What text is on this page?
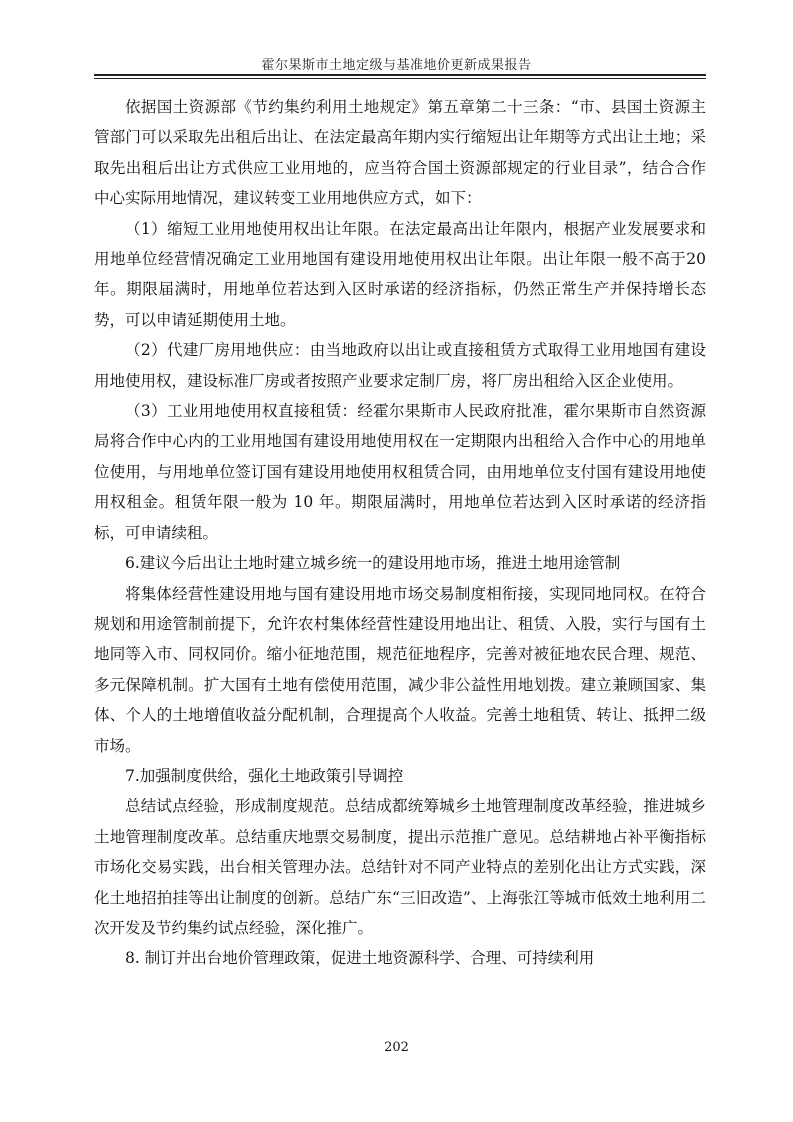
霍尔果斯市土地定级与基准地价更新成果报告

依据国土资源部《节约集约利用土地规定》第五章第二十三条：“市、县国土资源主管部门可以采取先出租后出让、在法定最高年期内实行缩短出让年期等方式出让土地；采取先出租后出让方式供应工业用地的，应当符合国土资源部规定的行业目录”，结合合作中心实际用地情况，建议转变工业用地供应方式，如下：

（1）缩短工业用地使用权出让年限。在法定最高出让年限内，根据产业发展要求和用地单位经营情况确定工业用地国有建设用地使用权出让年限。出让年限一般不高于20年。期限届满时，用地单位若达到入区时承诺的经济指标，仍然正常生产并保持增长态势，可以申请延期使用土地。

（2）代建厂房用地供应：由当地政府以出让或直接租赁方式取得工业用地国有建设用地使用权，建设标准厂房或者按照产业要求定制厂房，将厂房出租给入区企业使用。

（3）工业用地使用权直接租赁：经霍尔果斯市人民政府批准，霍尔果斯市自然资源局将合作中心内的工业用地国有建设用地使用权在一定期限内出租给入合作中心的用地单位使用，与用地单位签订国有建设用地使用权租赁合同，由用地单位支付国有建设用地使用权租金。租赁年限一般为 10 年。期限届满时，用地单位若达到入区时承诺的经济指标，可申请续租。

6.建议今后出让土地时建立城乡统一的建设用地市场，推进土地用途管制

将集体经营性建设用地与国有建设用地市场交易制度相衔接，实现同地同权。在符合规划和用途管制前提下，允许农村集体经营性建设用地出让、租赁、入股，实行与国有土地同等入市、同权同价。缩小征地范围，规范征地程序，完善对被征地农民合理、规范、多元保障机制。扩大国有土地有偿使用范围，减少非公益性用地划拨。建立兼顾国家、集体、个人的土地增值收益分配机制，合理提高个人收益。完善土地租赁、转让、抵押二级市场。

7.加强制度供给，强化土地政策引导调控

总结试点经验，形成制度规范。总结成都统筹城乡土地管理制度改革经验，推进城乡土地管理制度改革。总结重庆地票交易制度，提出示范推广意见。总结耕地占补平衡指标市场化交易实践，出台相关管理办法。总结针对不同产业特点的差别化出让方式实践，深化土地招拍挂等出让制度的创新。总结广东“三旧改造”、上海张江等城市低效土地利用二次开发及节约集约试点经验，深化推广。

8. 制订并出台地价管理政策，促进土地资源科学、合理、可持续利用

202
